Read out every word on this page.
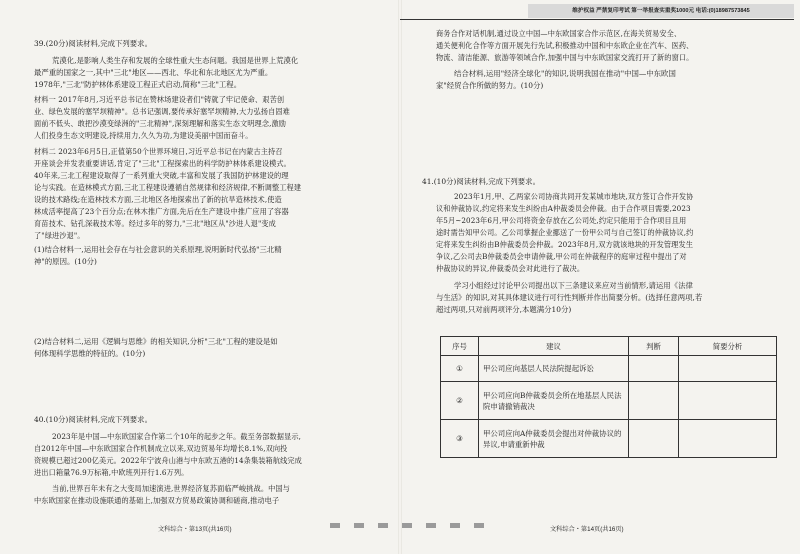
39.(20分)阅读材料,完成下列要求。
荒漠化,是影响人类生存和发展的全球性重大生态问题。我国是世界上荒漠化
最严重的国家之一,其中"三北"地区——西北、华北和东北地区尤为严重。
1978年,"三北"防护林体系建设工程正式启动,简称"三北"工程。
材料一 2017年8月,习近平总书记在赞林场建设者们"铸就了牢记使命、艰苦创
业、绿色发展的塞罕坝精神"。总书记强调,要传承好塞罕坝精神,大力弘扬自固难
面前不低头、敢把沙漠变绿洲的"三北精神",深刻理解和落实生态文明理念,激励
人们投身生态文明建设,持续用力,久久为功,为建设美丽中国而奋斗。
材料二 2023年6月5日,正值第50个世界环境日,习近平总书记在内蒙古主持召
开座谈会并发表重要讲话,肯定了"三北"工程探索出的科学防护林体系建设模式。
40年来,三北工程建设取得了一系列重大突破,丰富和发展了我国防护林建设的理
论与实践。在造林模式方面,三北工程建设遵循自然规律和经济规律,不断调整工程建
设的技术路线;在造林技术方面,三北地区各地探索出了新的抗旱造林技术,使造
林成活率提高了23个百分点;在林木推广方面,先后在生产建设中推广应用了容器
育苗技术、钻孔深栽技术等。经过多年的努力,"三北"地区从"沙进人退"变成
了"绿进沙退"。
(1)结合材料一,运用社会存在与社会意识的关系原理,说明新时代弘扬"三北精
神"的原因。(10分)
(2)结合材料二,运用《逻辑与思维》的相关知识,分析"三北"工程的建设是如
何体现科学思维的特征的。(10分)
40.(10分)阅读材料,完成下列要求。
2023年是中国—中东欧国家合作第二个10年的起步之年。截至务部数据显示,
自2012年中国—中东欧国家合作机制成立以来,双边贸易年均增长8.1%,双向投
资规模已超过200亿美元。2022年宁波舟山港与中东欧五港的14条集装箱航线完成
进出口箱量76.9万标箱,中欧班列开行1.6万列。
当前,世界百年未有之大变局加速演进,世界经济复苏面临严峻挑战。中国与
中东欧国家在推动设施联通的基础上,加强双方贸易政策协调和磋商,推动电子
文科综合・第13页(共16页)
维护权益 严禁复印考试 第一举报查实重奖1000元 电话:(0)18987573845
商务合作对话机制,通过设立中国—中东欧国家合作示范区,在海关贸易安全、
通关便利化合作等方面开展先行先试,积极推动中国和中东欧企业在汽车、医药、
物流、清洁能源、旅游等领域合作,加强中国与中东欧国家交流打开了新的窗口。
结合材料,运用"经济全球化"的知识,说明我国在推动"中国—中东欧国
家"经贸合作所做的努力。(10分)
41.(10分)阅读材料,完成下列要求。
2023年1月,甲、乙两家公司协商共同开发某城市地块,双方签订合作开发协
议和仲裁协议,约定将来发生纠纷由A仲裁委员会仲裁。由于合作项目需要,2023
年5月~2023年6月,甲公司将资金存放在乙公司处,约定只能用于合作项目且用
途时需告知甲公司。乙公司掌握企业挪送了一份甲公司与自己签订的仲裁协议,约
定将来发生纠纷由B仲裁委员会仲裁。2023年8月,双方就该地块的开发管理发生
争议,乙公司去B仲裁委员会申请仲裁,甲公司在仲裁程序的庭审过程中提出了对
仲裁协议的异议,仲裁委员会对此进行了裁决。
学习小组经过讨论甲公司提出以下三条建议来应对当前情形,请运用《法律
与生活》的知识,对其具体建议进行可行性判断并作出简要分析。(选择任意两项,若
超过两项,只对前两项评分,本题满分10分)
文科综合・第14页(共16页)
序号	建议	判断	简要分析
①	甲公司应向基层人民法院提起诉讼		
②	甲公司应向B仲裁委员会所在地基层人民法院申请撤销裁决		
③	甲公司应向A仲裁委员会提出对仲裁协议的异议,申请重新仲裁		
